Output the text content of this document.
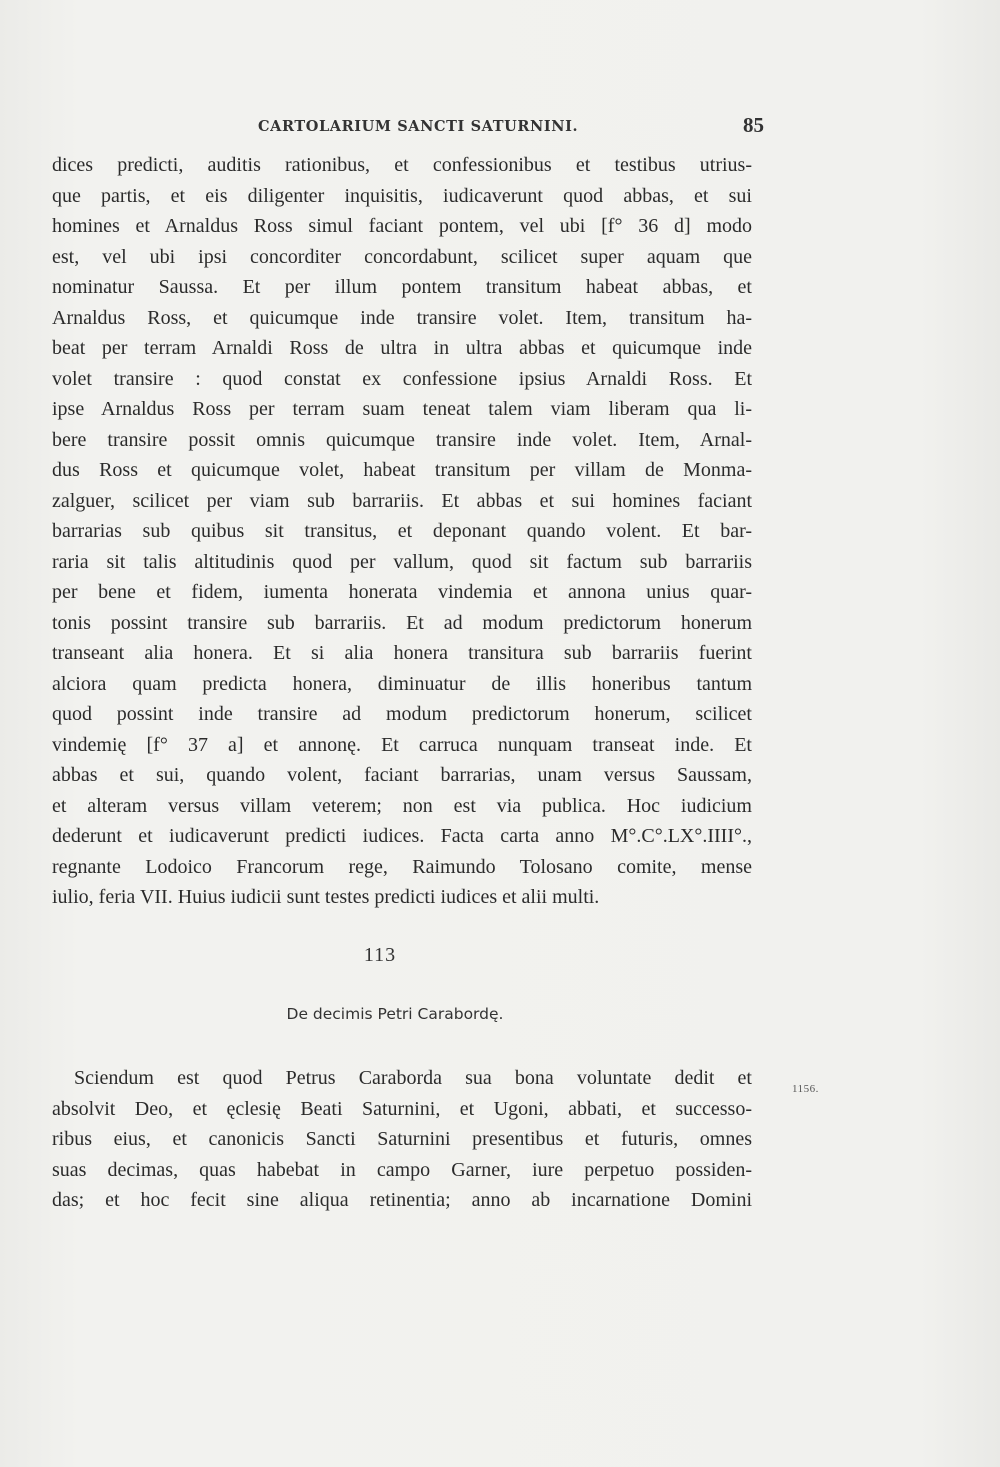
CARTOLARIUM SANCTI SATURNINI.	85
dices predicti, auditis rationibus, et confessionibus et testibus utrius-
que partis, et eis diligenter inquisitis, iudicaverunt quod abbas, et sui
homines et Arnaldus Ross simul faciant pontem, vel ubi [f° 36 d] modo
est, vel ubi ipsi concorditer concordabunt, scilicet super aquam que
nominatur Saussa. Et per illum pontem transitum habeat abbas, et
Arnaldus Ross, et quicumque inde transire volet. Item, transitum ha-
beat per terram Arnaldi Ross de ultra in ultra abbas et quicumque inde
volet transire : quod constat ex confessione ipsius Arnaldi Ross. Et
ipse Arnaldus Ross per terram suam teneat talem viam liberam qua li-
bere transire possit omnis quicumque transire inde volet. Item, Arnal-
dus Ross et quicumque volet, habeat transitum per villam de Monma-
zalguer, scilicet per viam sub barrariis. Et abbas et sui homines faciant
barrarias sub quibus sit transitus, et deponant quando volent. Et bar-
raria sit talis altitudinis quod per vallum, quod sit factum sub barrariis
per bene et fidem, iumenta honerata vindemia et annona unius quar-
tonis possint transire sub barrariis. Et ad modum predictorum honerum
transeant alia honera. Et si alia honera transitura sub barrariis fuerint
alciora quam predicta honera, diminuatur de illis honeribus tantum
quod possint inde transire ad modum predictorum honerum, scilicet
vindemię [f° 37 a] et annonę. Et carruca nunquam transeat inde. Et
abbas et sui, quando volent, faciant barrarias, unam versus Saussam,
et alteram versus villam veterem; non est via publica. Hoc iudicium
dederunt et iudicaverunt predicti iudices. Facta carta anno M°.C°.LX°.IIII°.,
regnante Lodoico Francorum rege, Raimundo Tolosano comite, mense
iulio, feria VII. Huius iudicii sunt testes predicti iudices et alii multi.
113
De decimis Petri Carabordę.
Sciendum est quod Petrus Caraborda sua bona voluntate dedit et
absolvit Deo, et ęclesię Beati Saturnini, et Ugoni, abbati, et successo-
ribus eius, et canonicis Sancti Saturnini presentibus et futuris, omnes
suas decimas, quas habebat in campo Garner, iure perpetuo possiden-
das; et hoc fecit sine aliqua retinentia; anno ab incarnatione Domini
1156.
